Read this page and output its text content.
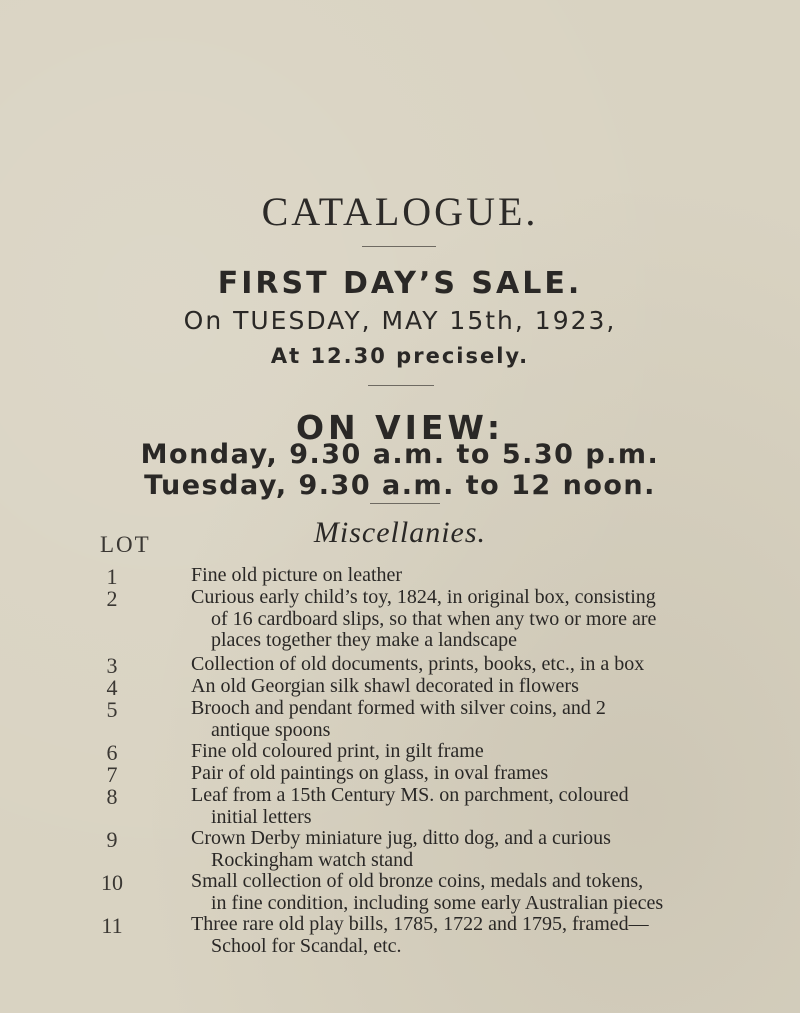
CATALOGUE.
FIRST DAY’S SALE.
On TUESDAY, MAY 15th, 1923,
At 12.30 precisely.
ON VIEW:
Monday, 9.30 a.m. to 5.30 p.m.
Tuesday, 9.30 a.m. to 12 noon.
Miscellanies.
LOT
1	Fine old picture on leather
2	Curious early child’s toy, 1824, in original box, consisting
of 16 cardboard slips, so that when any two or more are
places together they make a landscape
3	Collection of old documents, prints, books, etc., in a box
4	An old Georgian silk shawl decorated in flowers
5	Brooch and pendant formed with silver coins, and 2
antique spoons
6	Fine old coloured print, in gilt frame
7	Pair of old paintings on glass, in oval frames
8	Leaf from a 15th Century MS. on parchment, coloured
initial letters
9	Crown Derby miniature jug, ditto dog, and a curious
Rockingham watch stand
10	Small collection of old bronze coins, medals and tokens,
in fine condition, including some early Australian pieces
11	Three rare old play bills, 1785, 1722 and 1795, framed—
School for Scandal, etc.
